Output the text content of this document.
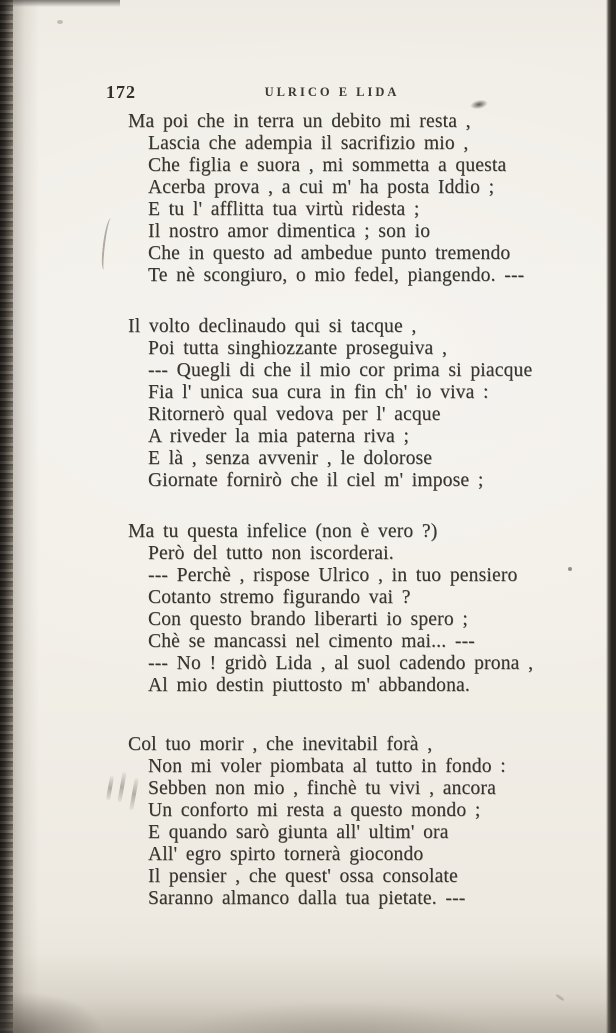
172	ULRICO E LIDA

Ma poi che in terra un debito mi resta ,

Lascia che adempia il sacrifizio mio ,

Che figlia e suora , mi sommetta a questa

Acerba prova , a cui m' ha posta Iddio ;

E tu l' afflitta tua virtù ridesta ;

Il nostro amor dimentica ; son io

Che in questo ad ambedue punto tremendo

Te nè scongiuro, o mio fedel, piangendo. ---

Il volto declinaudo qui si tacque ,

Poi tutta singhiozzante proseguiva ,

--- Quegli di che il mio cor prima si piacque

Fia l' unica sua cura in fin ch' io viva :

Ritornerò qual vedova per l' acque

A riveder la mia paterna riva ;

E là , senza avvenir , le dolorose

Giornate fornirò che il ciel m' impose ;

Ma tu questa infelice (non è vero ?)

Però del tutto non iscorderai.

--- Perchè , rispose Ulrico , in tuo pensiero

Cotanto stremo figurando vai ?

Con questo brando liberarti io spero ;

Chè se mancassi nel cimento mai... ---

--- No ! gridò Lida , al suol cadendo prona ,

Al mio destin piuttosto m' abbandona.

Col tuo morir , che inevitabil forà ,

Non mi voler piombata al tutto in fondo :

Sebben non mio , finchè tu vivi , ancora

Un conforto mi resta a questo mondo ;

E quando sarò giunta all' ultim' ora

All' egro spirto tornerà giocondo

Il pensier , che quest' ossa consolate

Saranno almanco dalla tua pietate. ---
